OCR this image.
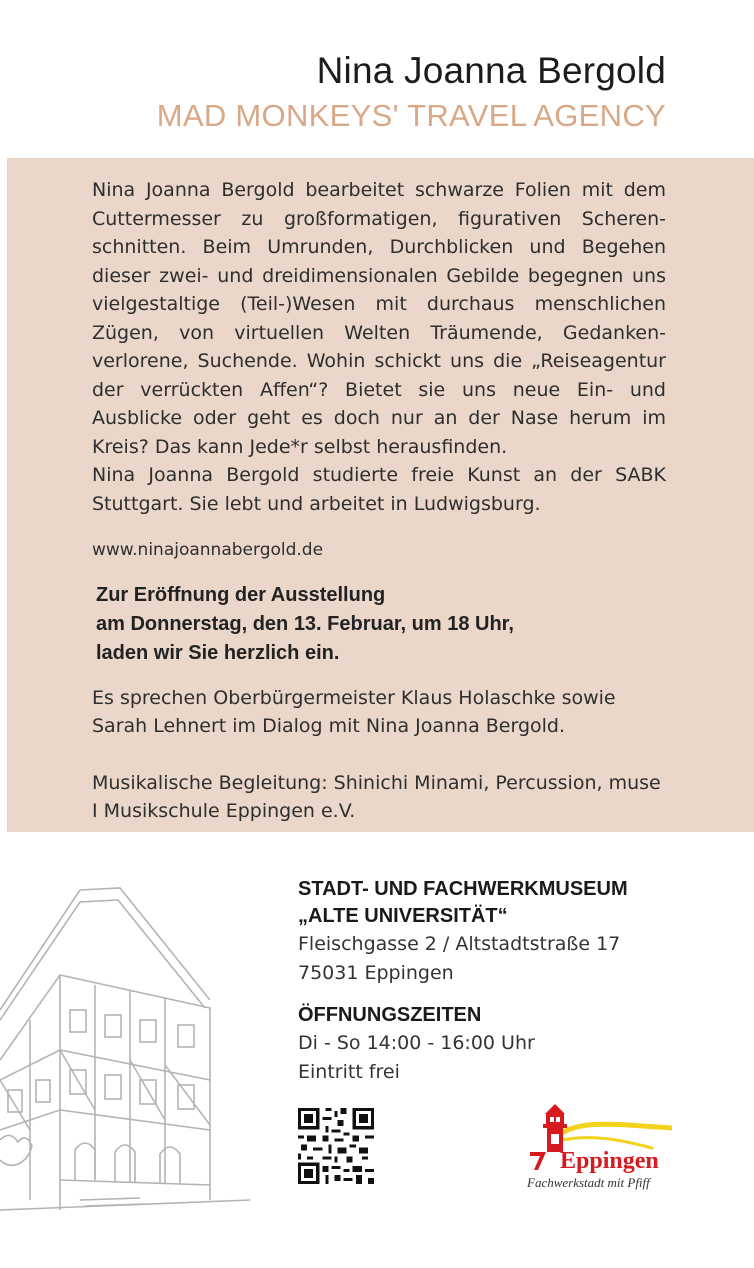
Nina Joanna Bergold
MAD MONKEYS' TRAVEL AGENCY

Nina Joanna Bergold bearbeitet schwarze Folien mit dem Cuttermesser zu großformatigen, figurativen Scheren-schnitten. Beim Umrunden, Durchblicken und Begehen dieser zwei- und dreidimensionalen Gebilde begegnen uns vielgestaltige (Teil-)Wesen mit durchaus menschlichen Zügen, von virtuellen Welten Träumende, Gedanken-verlorene, Suchende. Wohin schickt uns die „Reiseagentur der verrückten Affen“? Bietet sie uns neue Ein- und Ausblicke oder geht es doch nur an der Nase herum im Kreis? Das kann Jede*r selbst herausfinden.

Nina Joanna Bergold studierte freie Kunst an der SABK Stuttgart. Sie lebt und arbeitet in Ludwigsburg.

www.ninajoannabergold.de
Zur Eröffnung der Ausstellung
am Donnerstag, den 13. Februar, um 18 Uhr,
laden wir Sie herzlich ein.
Es sprechen Oberbürgermeister Klaus Holaschke sowie Sarah Lehnert im Dialog mit Nina Joanna Bergold.
Musikalische Begleitung: Shinichi Minami, Percussion, muse I Musikschule Eppingen e.V.
STADT- UND FACHWERKMUSEUM
„ALTE UNIVERSITÄT“
Fleischgasse 2 / Altstadtstraße 17
75031 Eppingen
ÖFFNUNGSZEITEN
Di - So 14:00 - 16:00 Uhr
Eintritt frei
Eppingen
Fachwerkstadt mit Pfiff
